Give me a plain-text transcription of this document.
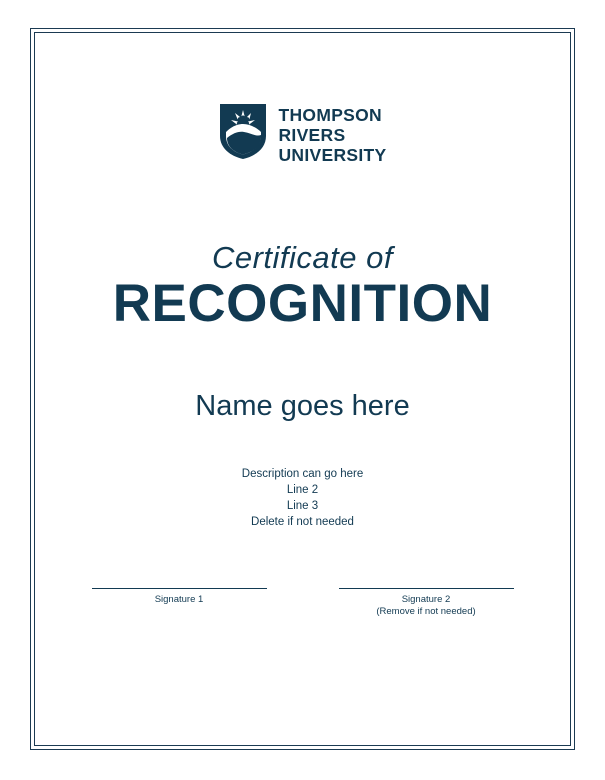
THOMPSON
RIVERS
UNIVERSITY
Certificate of
RECOGNITION
Name goes here
Description can go here
Line 2
Line 3
Delete if not needed
Signature 1	Signature 2
(Remove if not needed)
